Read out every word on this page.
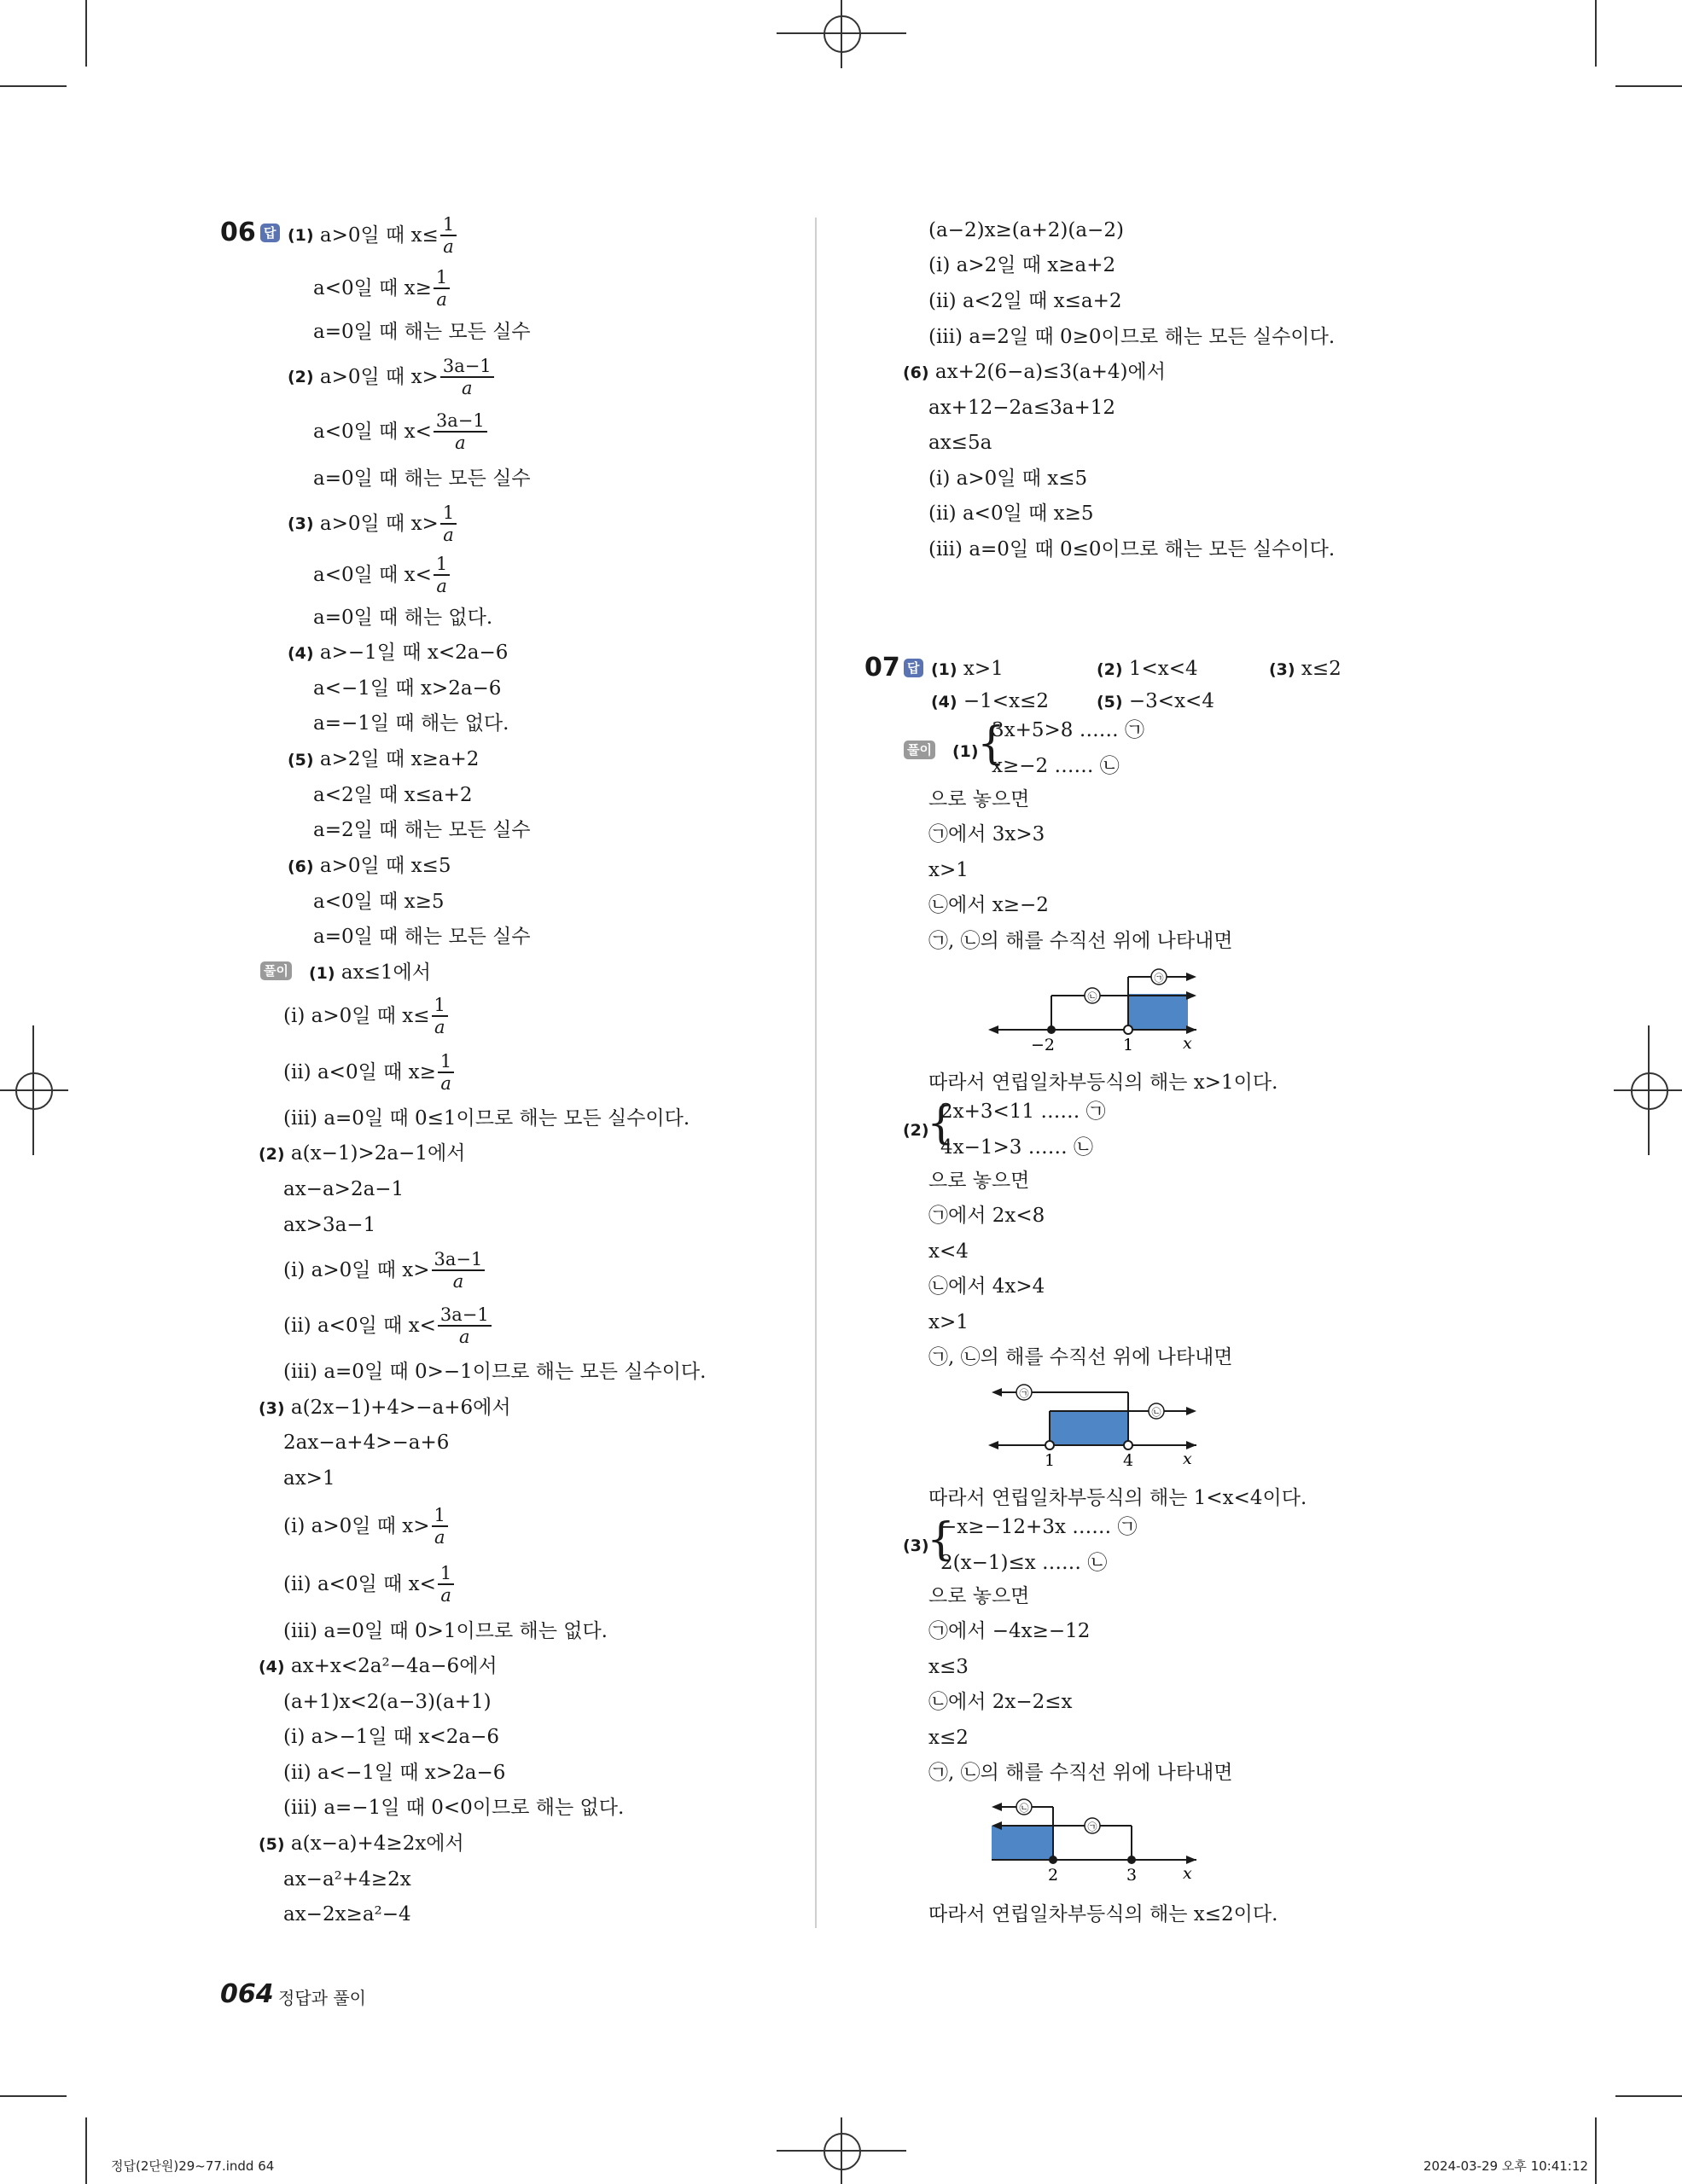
06 답 (1)
a>0일 때 $x\le \frac{1}{a}$
a<0일 때 $x\ge \frac{1}{a}$
a=0일 때 해는 모든 실수
(2)
a>0일 때 $x> \frac{3a-1}{a}$
a<0일 때 $x< \frac{3a-1}{a}$
a=0일 때 해는 모든 실수
(3)
a>0일 때 $x> \frac{1}{a}$
a<0일 때 $x< \frac{1}{a}$
a=0일 때 해는 없다.
(4) a>−1일 때 x<2a−6
a<−1일 때 x>2a−6
a=−1일 때 해는 없다.
(5) a>2일 때 x≥a+2
a<2일 때 x≤a+2
a=2일 때 해는 모든 실수
(6) a>0일 때 x≤5
a<0일 때 x≥5
a=0일 때 해는 모든 실수
풀이 (1) ax≤1에서
(ⅰ) a>0일 때 $x\le \frac{1}{a}$
(ⅱ) a<0일 때 $x\ge \frac{1}{a}$
(ⅲ) a=0일 때 0≤1이므로 해는 모든 실수이다.
(2) a(x−1)>2a−1에서
ax−a>2a−1
ax>3a−1
(ⅰ) a>0일 때 $x> \frac{3a-1}{a}$
(ⅱ) a<0일 때 $x< \frac{3a-1}{a}$
(ⅲ) a=0일 때 0>−1이므로 해는 모든 실수이다.
(3) a(2x−1)+4>−a+6에서
2ax−a+4>−a+6
ax>1
(ⅰ) a>0일 때 $x> \frac{1}{a}$
(ⅱ) a<0일 때 $x< \frac{1}{a}$
(ⅲ) a=0일 때 0>1이므로 해는 없다.
(4) ax+x<2a²−4a−6에서
(a+1)x<2(a−3)(a+1)
(ⅰ) a>−1일 때 x<2a−6
(ⅱ) a<−1일 때 x>2a−6
(ⅲ) a=−1일 때 0<0이므로 해는 없다.
(5) a(x−a)+4≥2x에서
ax−a²+4≥2x
ax−2x≥a²−4
(a−2)x≥(a+2)(a−2)
(ⅰ) a>2일 때 x≥a+2
(ⅱ) a<2일 때 x≤a+2
(ⅲ) a=2일 때 0≥0이므로 해는 모든 실수이다.
(6) ax+2(6−a)≤3(a+4)에서
ax+12−2a≤3a+12
ax≤5a
(ⅰ) a>0일 때 x≤5
(ⅱ) a<0일 때 x≥5
(ⅲ) a=0일 때 0≤0이므로 해는 모든 실수이다.
07 답 (1) x>1	(2) 1<x<4	(3) x≤2
(4) −1<x≤2	(5) −3<x<4
풀이 (1)
{
3x+5>8 …… ㉠
x≥−2 …… ㉡
으로 놓으면
㉠에서 3x>3
x>1
㉡에서 x≥−2
㉠, ㉡의 해를 수직선 위에 나타내면
㉡
㉠
−2	1	x
따라서 연립일차부등식의 해는 x>1이다.
(2)
{
2x+3<11 …… ㉠
4x−1>3 …… ㉡
으로 놓으면
㉠에서 2x<8
x<4
㉡에서 4x>4
x>1
㉠, ㉡의 해를 수직선 위에 나타내면
㉠
㉡
1	4	x
따라서 연립일차부등식의 해는 1<x<4이다.
(3)
{
−x≥−12+3x …… ㉠
2(x−1)≤x …… ㉡
으로 놓으면
㉠에서 −4x≥−12
x≤3
㉡에서 2x−2≤x
x≤2
㉠, ㉡의 해를 수직선 위에 나타내면
㉡
㉠
2	3	x
따라서 연립일차부등식의 해는 x≤2이다.
064 정답과 풀이
정답(2단원)29~77.indd 64	2024-03-29 오후 10:41:12
